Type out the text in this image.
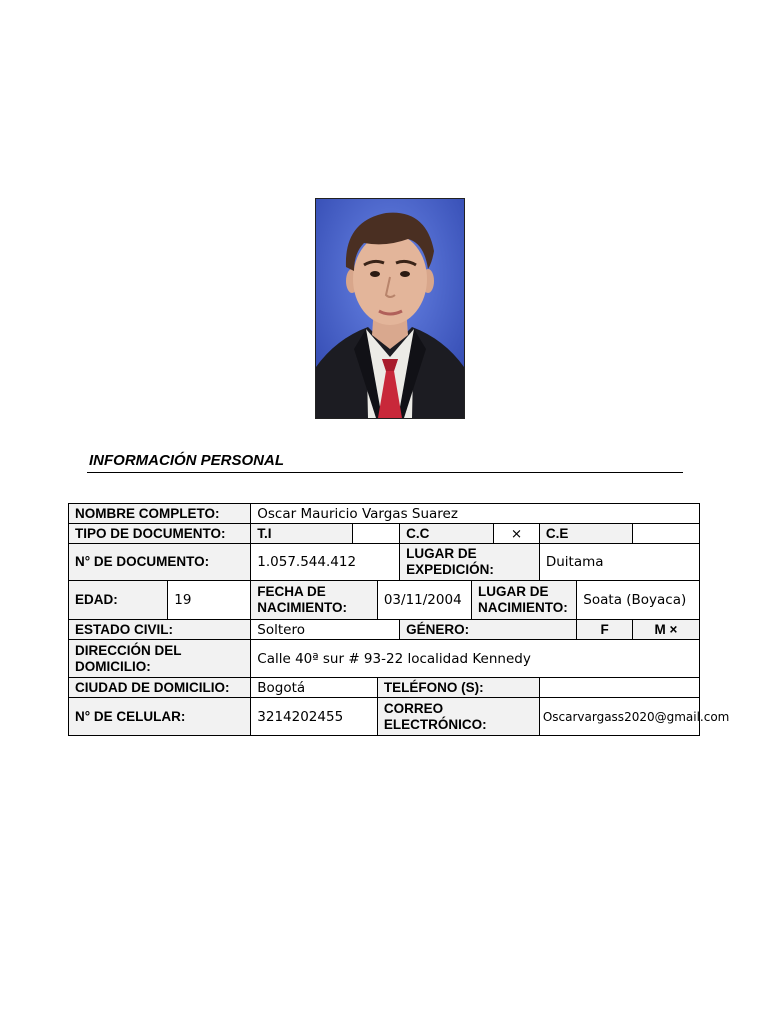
INFORMACIÓN PERSONAL
NOMBRE COMPLETO:		Oscar Mauricio Vargas Suarez								
TIPO DE DOCUMENTO:		T.I			C.C		×	C.E		
N° DE DOCUMENTO:		1.057.544.412			LUGAR DE EXPEDICIÓN:			Duitama		
EDAD:	19	FECHA DE NACIMIENTO:		03/11/2004		LUGAR DE NACIMIENTO:			Soata (Boyaca)	
ESTADO CIVIL:		Soltero			GÉNERO:				F	M ×
DIRECCIÓN DEL DOMICILIO:		Calle 40ª sur # 93-22 localidad Kennedy								
CIUDAD DE DOMICILIO:		Bogotá		TELÉFONO (S):						
N° DE CELULAR:		3214202455		CORREO ELECTRÓNICO:				Oscarvargass2020@gmail.com		
